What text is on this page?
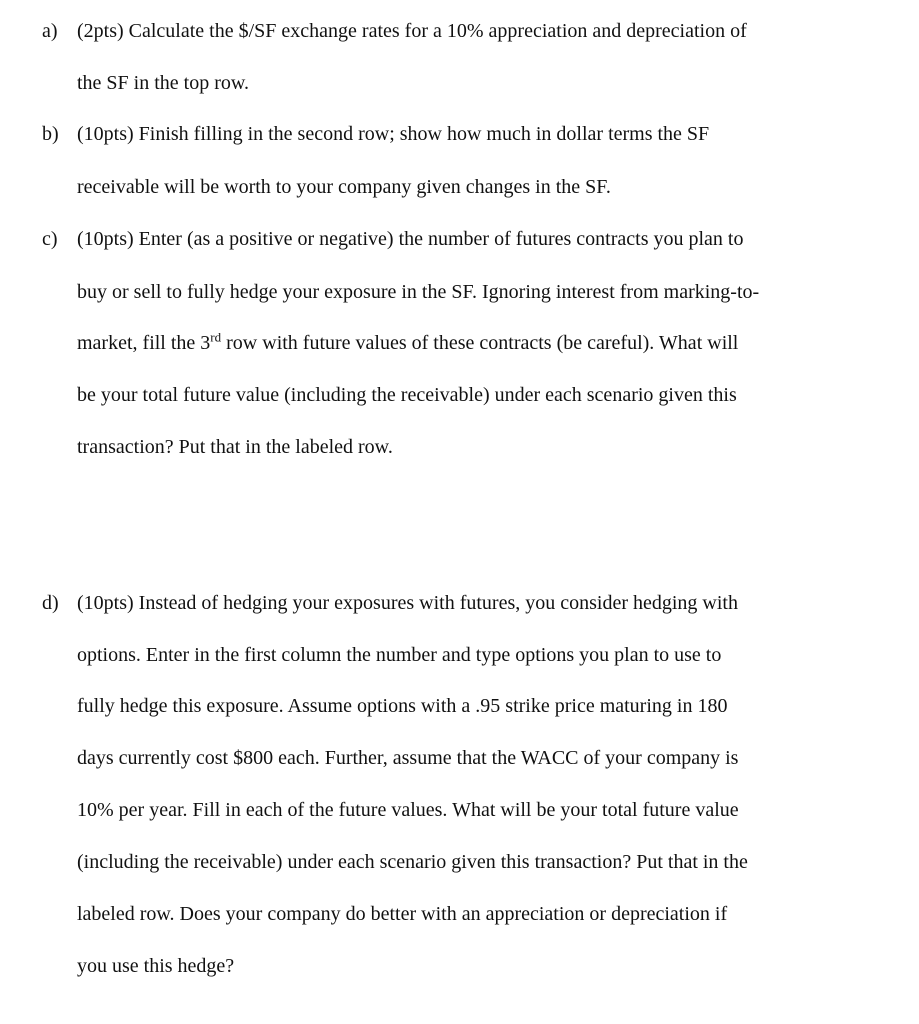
a) (2pts) Calculate the $/SF exchange rates for a 10% appreciation and depreciation of
the SF in the top row.
b) (10pts) Finish filling in the second row; show how much in dollar terms the SF
receivable will be worth to your company given changes in the SF.
c) (10pts) Enter (as a positive or negative) the number of futures contracts you plan to
buy or sell to fully hedge your exposure in the SF. Ignoring interest from marking-to-
market, fill the 3rd row with future values of these contracts (be careful). What will
be your total future value (including the receivable) under each scenario given this
transaction? Put that in the labeled row.
d) (10pts) Instead of hedging your exposures with futures, you consider hedging with
options. Enter in the first column the number and type options you plan to use to
fully hedge this exposure. Assume options with a .95 strike price maturing in 180
days currently cost $800 each. Further, assume that the WACC of your company is
10% per year. Fill in each of the future values. What will be your total future value
(including the receivable) under each scenario given this transaction? Put that in the
labeled row. Does your company do better with an appreciation or depreciation if
you use this hedge?
